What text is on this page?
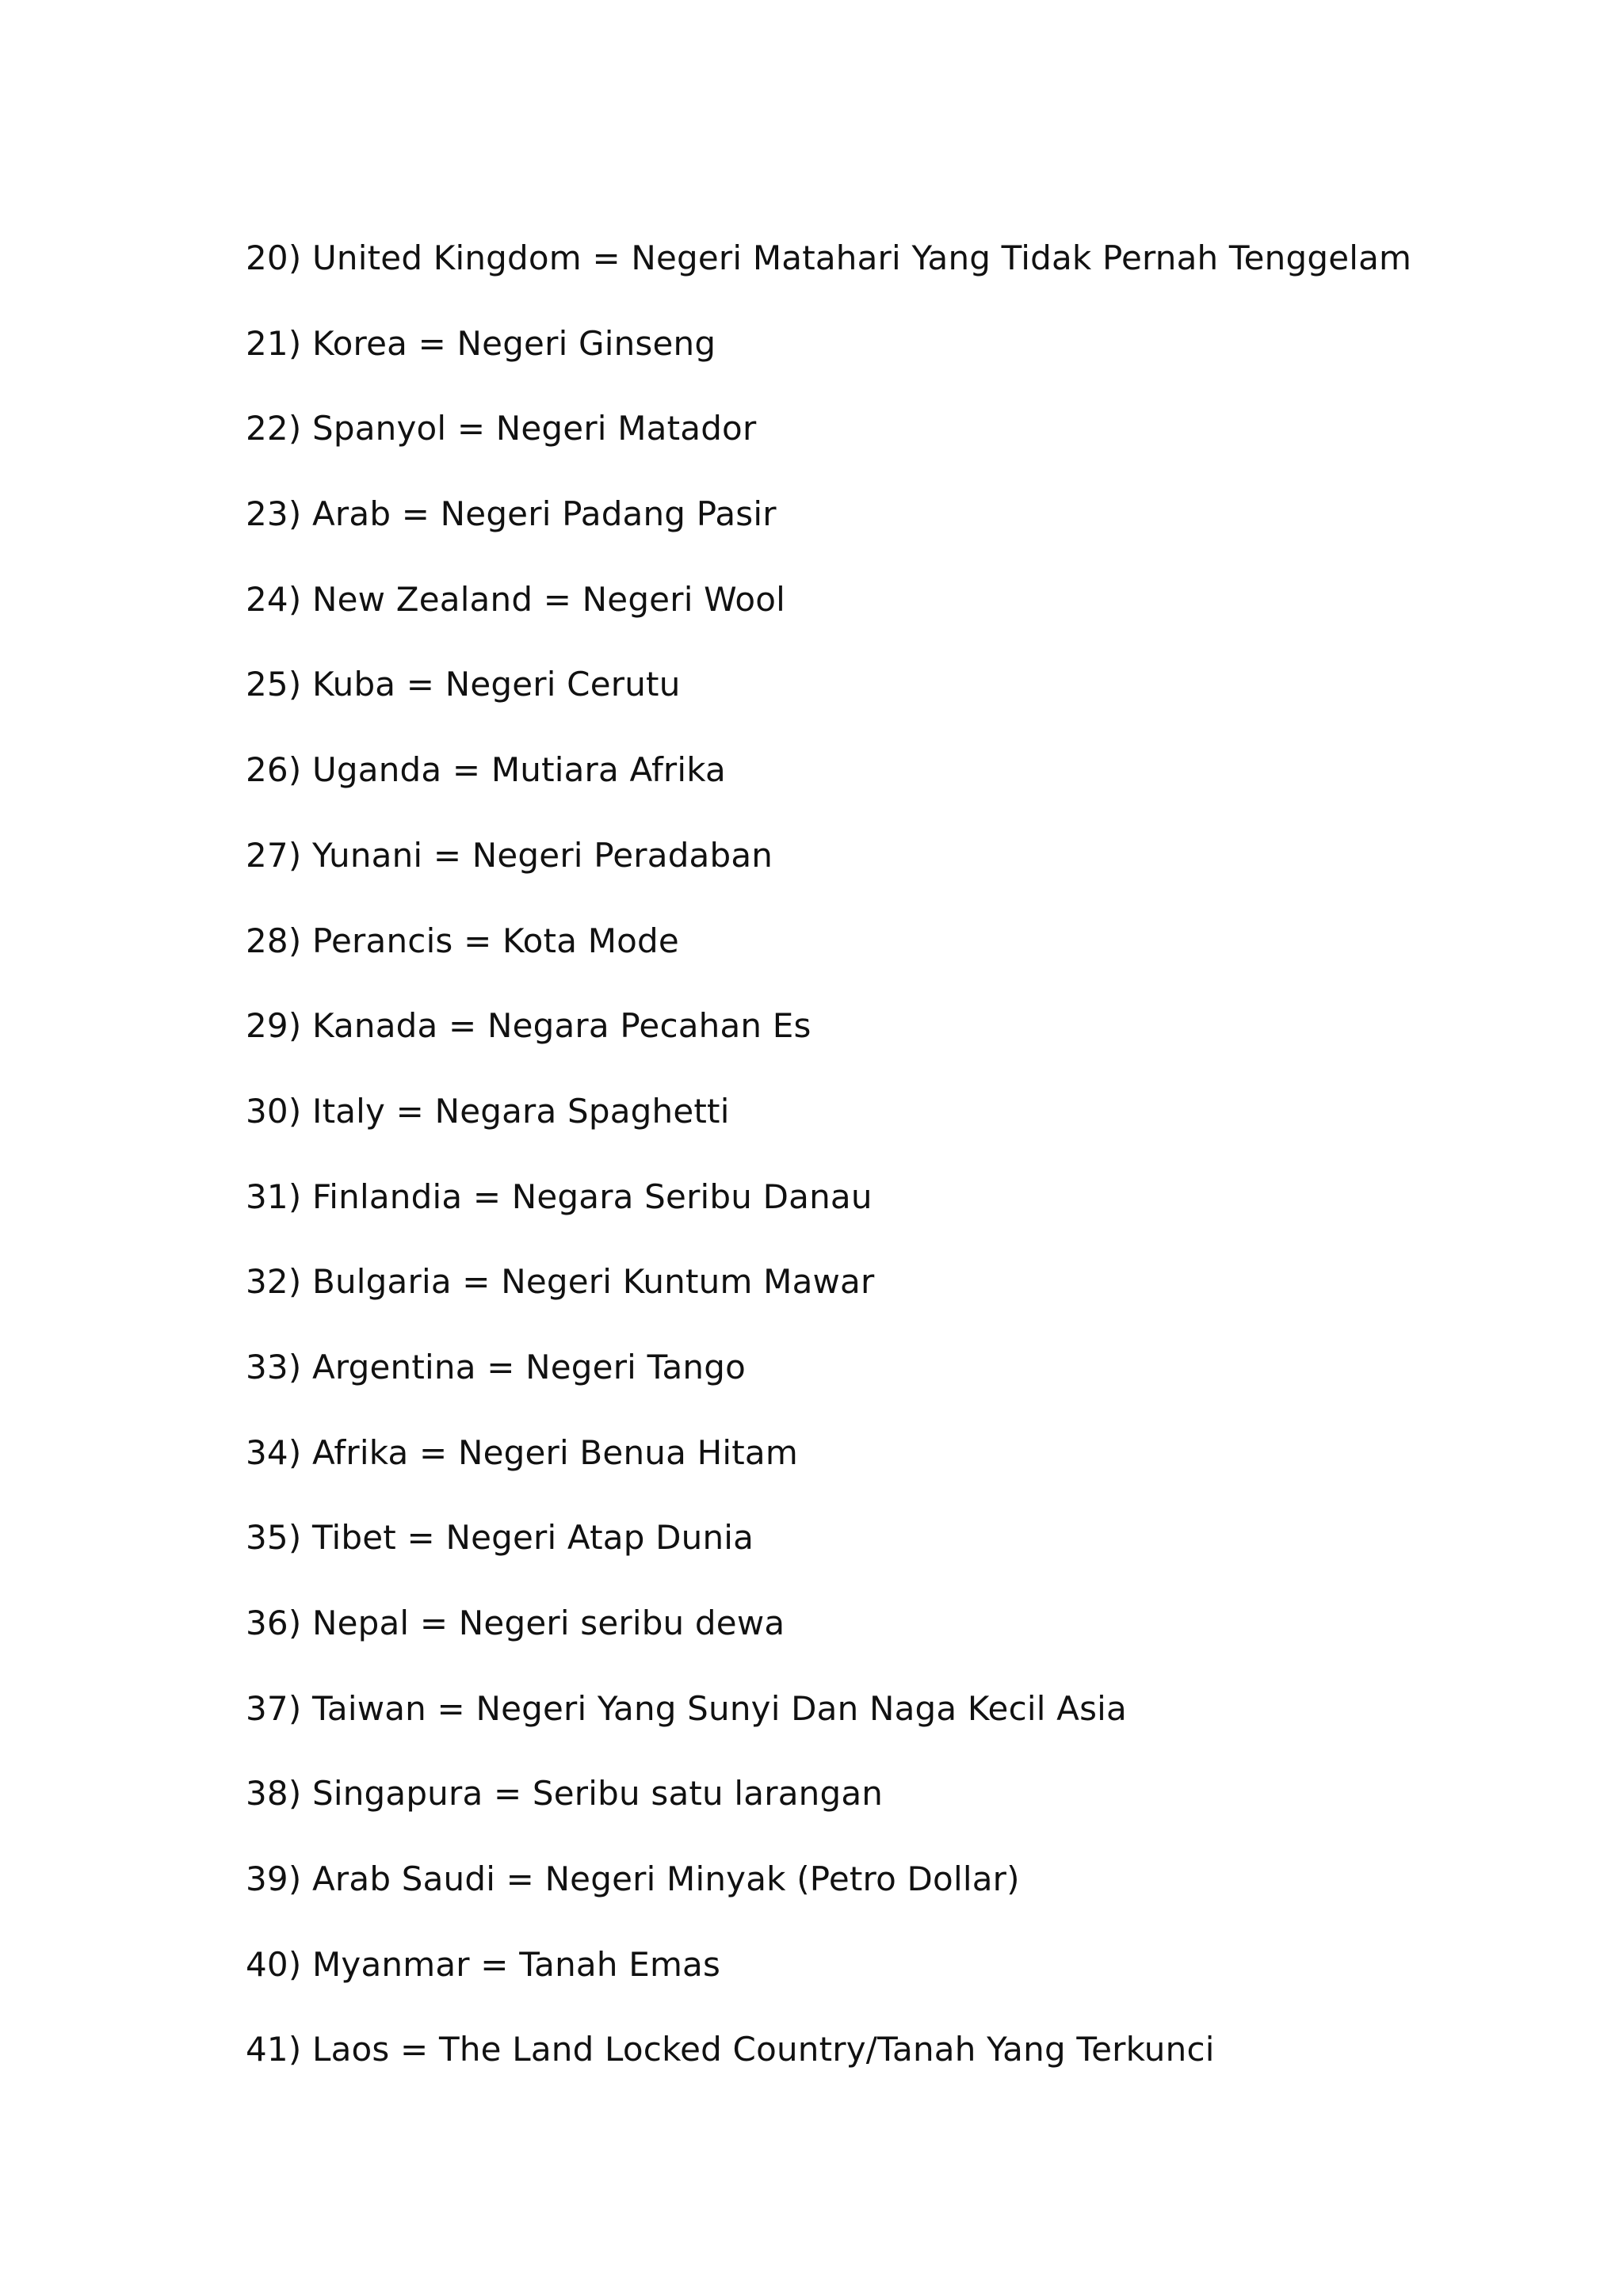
20) United Kingdom = Negeri Matahari Yang Tidak Pernah Tenggelam
21) Korea = Negeri Ginseng
22) Spanyol = Negeri Matador
23) Arab = Negeri Padang Pasir
24) New Zealand = Negeri Wool
25) Kuba = Negeri Cerutu
26) Uganda = Mutiara Afrika
27) Yunani = Negeri Peradaban
28) Perancis = Kota Mode
29) Kanada = Negara Pecahan Es
30) Italy = Negara Spaghetti
31) Finlandia = Negara Seribu Danau
32) Bulgaria = Negeri Kuntum Mawar
33) Argentina = Negeri Tango
34) Afrika = Negeri Benua Hitam
35) Tibet = Negeri Atap Dunia
36) Nepal = Negeri seribu dewa
37) Taiwan = Negeri Yang Sunyi Dan Naga Kecil Asia
38) Singapura = Seribu satu larangan
39) Arab Saudi = Negeri Minyak (Petro Dollar)
40) Myanmar = Tanah Emas
41) Laos = The Land Locked Country/Tanah Yang Terkunci
